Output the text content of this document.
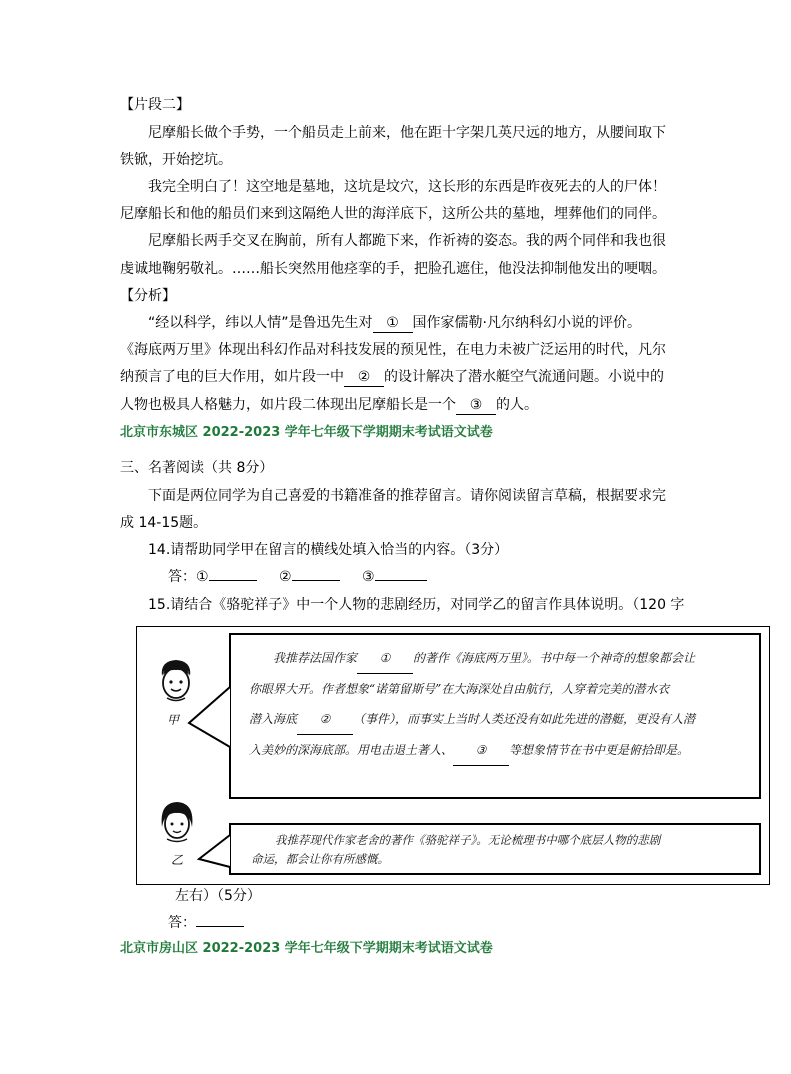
【片段二】
尼摩船长做个手势，一个船员走上前来，他在距十字架几英尺远的地方，从腰间取下
铁锨，开始挖坑。
我完全明白了！这空地是墓地，这坑是坟穴，这长形的东西是昨夜死去的人的尸体！
尼摩船长和他的船员们来到这隔绝人世的海洋底下，这所公共的墓地，埋葬他们的同伴。
尼摩船长两手交叉在胸前，所有人都跪下来，作祈祷的姿态。我的两个同伴和我也很
虔诚地鞠躬敬礼。……船长突然用他痉挛的手，把脸孔遮住，他没法抑制他发出的哽咽。
【分析】
“经以科学，纬以人情”是鲁迅先生对 ① 国作家儒勒·凡尔纳科幻小说的评价。
《海底两万里》体现出科幻作品对科技发展的预见性，在电力未被广泛运用的时代，凡尔
纳预言了电的巨大作用，如片段一中 ② 的设计解决了潜水艇空气流通问题。小说中的
人物也极具人格魅力，如片段二体现出尼摩船长是一个 ③ 的人。
北京市东城区 2022-2023 学年七年级下学期期末考试语文试卷
三、名著阅读（共 8分）
下面是两位同学为自己喜爱的书籍准备的推荐留言。请你阅读留言草稿，根据要求完
成 14-15题。
14.请帮助同学甲在留言的横线处填入恰当的内容。（3分）
答：①	②	③
15.请结合《骆驼祥子》中一个人物的悲剧经历，对同学乙的留言作具体说明。（120 字
甲
乙
我推荐法国作家 ① 的著作《海底两万里》。书中每一个神奇的想象都会让
你眼界大开。作者想象“诺第留斯号”在大海深处自由航行，人穿着完美的潜水衣
潜入海底 ② （事件），而事实上当时人类还没有如此先进的潜艇，更没有人潜
入美妙的深海底部。用电击退土著人、 ③ 等想象情节在书中更是俯拾即是。
我推荐现代作家老舍的著作《骆驼祥子》。无论梳理书中哪个底层人物的悲剧
命运，都会让你有所感慨。
左右）（5分）
答：
北京市房山区 2022-2023 学年七年级下学期期末考试语文试卷
